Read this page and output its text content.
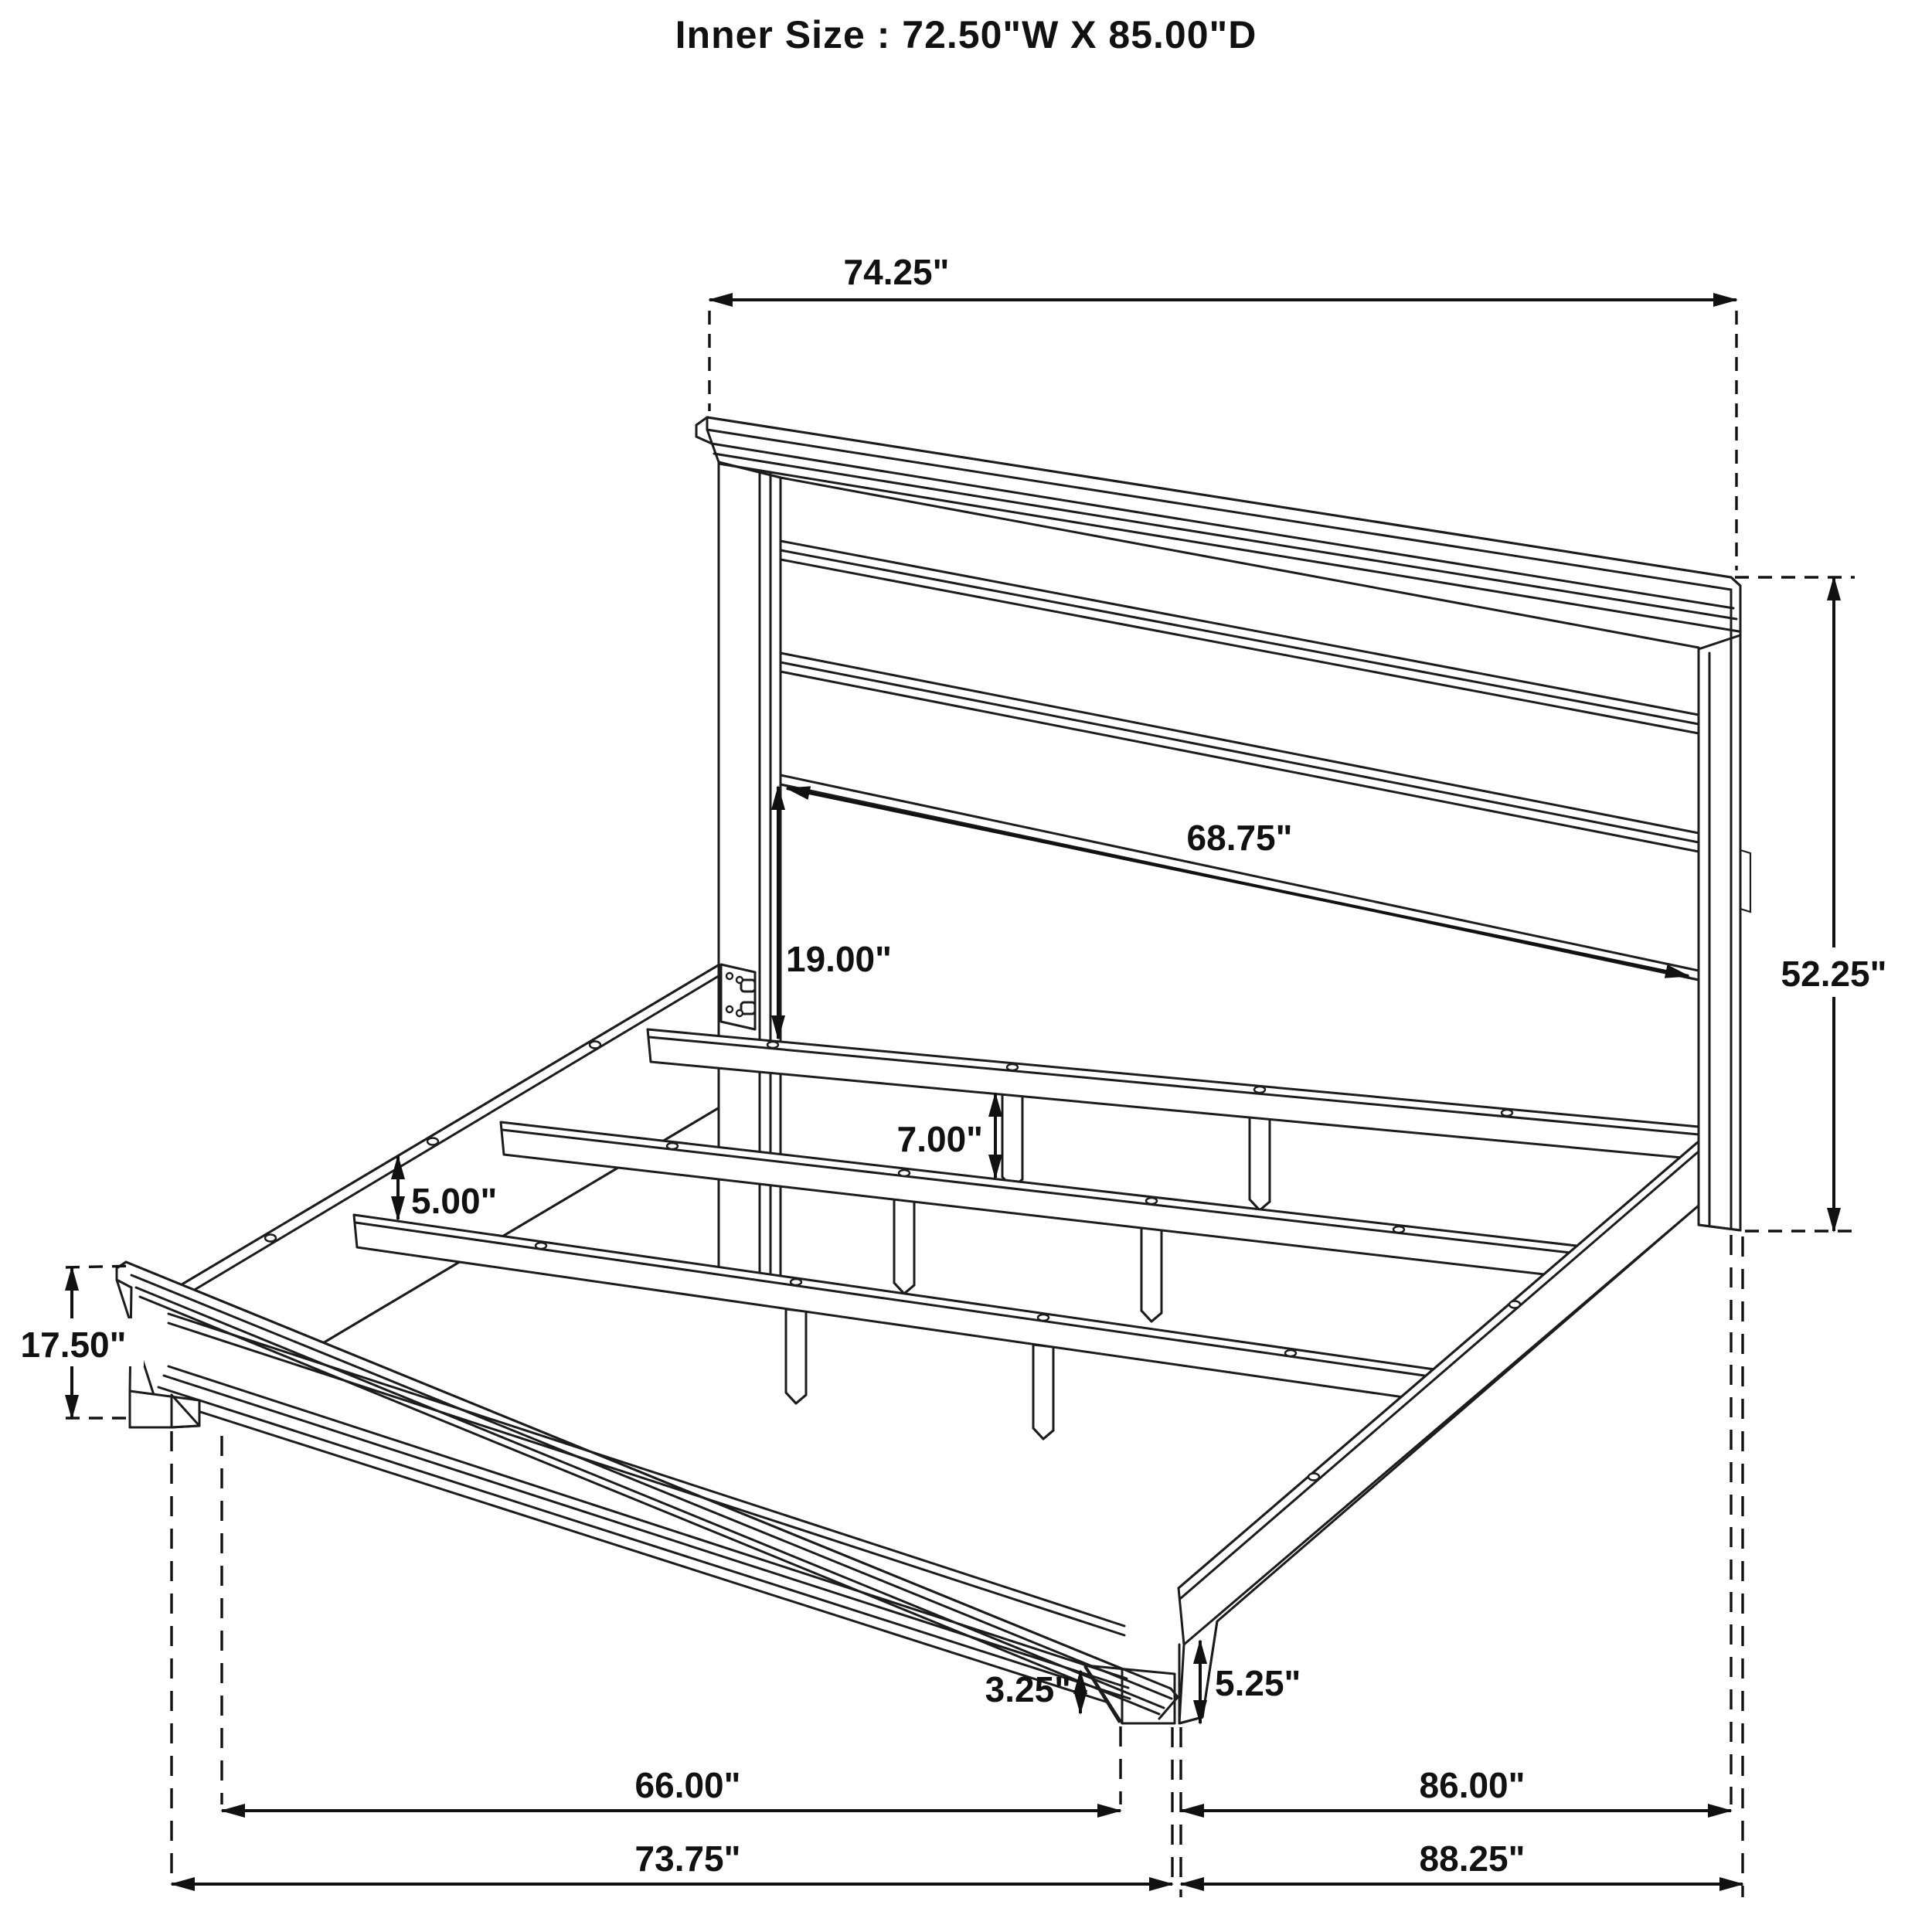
Inner Size : 72.50"W X 85.00"D
74.25"
52.25"
68.75"
19.00"
5.00"
7.00"
17.50"
3.25"	5.25"
66.00"	86.00"
73.75"	88.25"
